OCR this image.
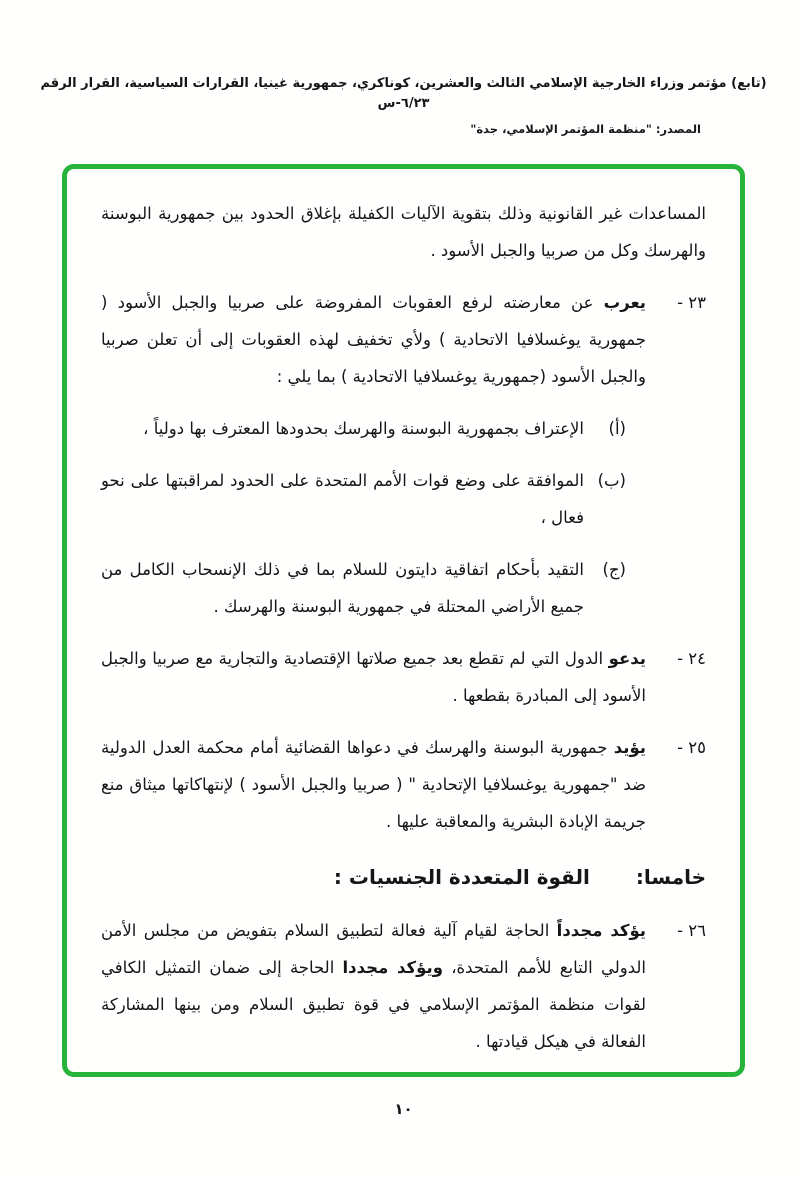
(تابع) مؤتمر وزراء الخارجية الإسلامي الثالث والعشرين، كوناكري، جمهورية غينيا، القرارات السياسية، القرار الرقم ٦/٢٣-س
المصدر: "منظمة المؤتمر الإسلامي، جدة"

المساعدات غير القانونية وذلك بتقوية الآليات الكفيلة بإغلاق الحدود بين جمهورية البوسنة والهرسك وكل من صربيا والجبل الأسود .

٢٣ -

يعرب عن معارضته لرفع العقوبات المفروضة على صربيا والجبل الأسود ( جمهورية يوغسلافيا الاتحادية ) ولأي تخفيف لهذه العقوبات إلى أن تعلن صربيا والجبل الأسود (جمهورية يوغسلافيا الاتحادية ) بما يلي :

(أ)

الإعتراف بجمهورية البوسنة والهرسك بحدودها المعترف بها دولياً ،

(ب)

الموافقة على وضع قوات الأمم المتحدة على الحدود لمراقبتها على نحو فعال ،

(ج)

التقيد بأحكام اتفاقية دايتون للسلام بما في ذلك الإنسحاب الكامل من جميع الأراضي المحتلة في جمهورية البوسنة والهرسك .

٢٤ -

يدعو الدول التي لم تقطع بعد جميع صلاتها الإقتصادية والتجارية مع صربيا والجبل الأسود إلى المبادرة بقطعها .

٢٥ -

يؤيد جمهورية البوسنة والهرسك في دعواها القضائية أمام محكمة العدل الدولية ضد "جمهورية يوغسلافيا الإتحادية " ( صربيا والجبل الأسود ) لإنتهاكاتها ميثاق منع جريمة الإبادة البشرية والمعاقبة عليها .

خامسا:
القوة المتعددة الجنسيات :
٢٦ -

يؤكد مجدداً الحاجة لقيام آلية فعالة لتطبيق السلام بتفويض من مجلس الأمن الدولي التابع للأمم المتحدة، ويؤكد مجددا الحاجة إلى ضمان التمثيل الكافي لقوات منظمة المؤتمر الإسلامي في قوة تطبيق السلام ومن بينها المشاركة الفعالة في هيكل قيادتها .

١٠
